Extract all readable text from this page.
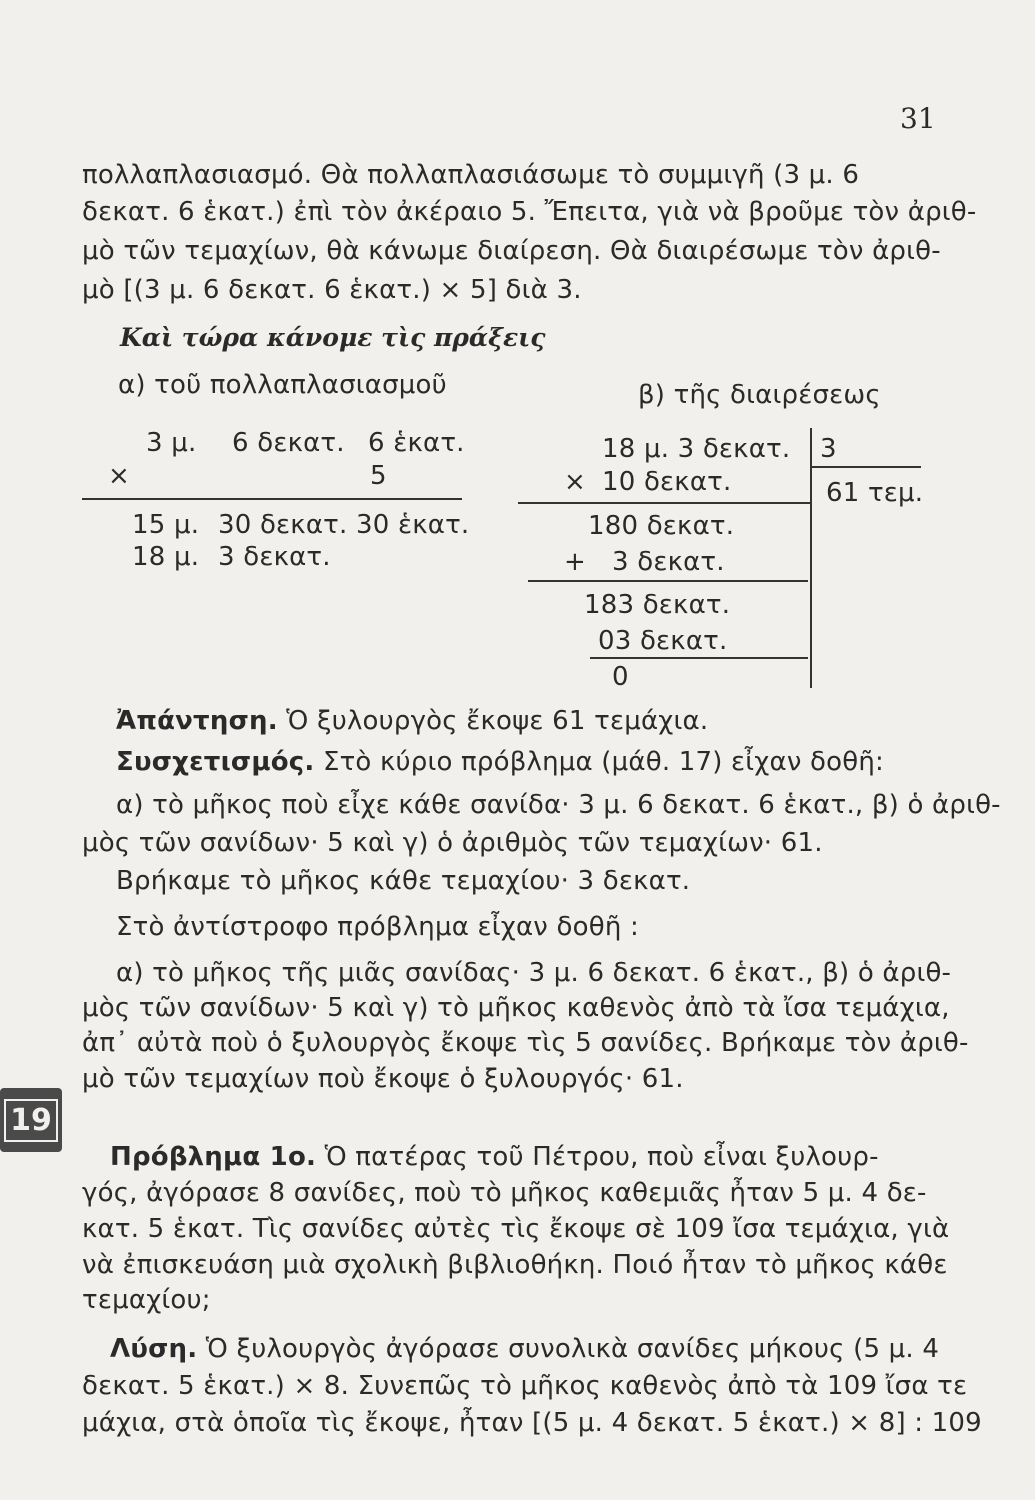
31
πολλαπλασιασμό. Θὰ πολλαπλασιάσωμε τὸ συμμιγῆ (3 μ. 6
δεκατ. 6 ἑκατ.) ἐπὶ τὸν ἀκέραιο 5. Ἔπειτα, γιὰ νὰ βροῦμε τὸν ἀριθ-
μὸ τῶν τεμαχίων, θὰ κάνωμε διαίρεση. Θὰ διαιρέσωμε τὸν ἀριθ-
μὸ [(3 μ. 6 δεκατ. 6 ἑκατ.) × 5] διὰ 3.
Καὶ τώρα κάνομε τὶς πράξεις
α) τοῦ πολλαπλασιασμοῦ
3 μ. 6 δεκατ. 6 ἑκατ.
×	5
15 μ. 30 δεκατ. 30 ἑκατ.
18 μ. 3 δεκατ.
β) τῆς διαιρέσεως
18 μ. 3 δεκατ. 3
× 10 δεκατ.	61 τεμ.
180 δεκατ.
+ 3 δεκατ.
183 δεκατ.
03 δεκατ.
0
Ἀπάντηση. Ὁ ξυλουργὸς ἔκοψε 61 τεμάχια.
Συσχετισμός. Στὸ κύριο πρόβλημα (μάθ. 17) εἶχαν δοθῆ:
α) τὸ μῆκος ποὺ εἶχε κάθε σανίδα· 3 μ. 6 δεκατ. 6 ἑκατ., β) ὁ ἀριθ-
μὸς τῶν σανίδων· 5 καὶ γ) ὁ ἀριθμὸς τῶν τεμαχίων· 61.
Βρήκαμε τὸ μῆκος κάθε τεμαχίου· 3 δεκατ.
Στὸ ἀντίστροφο πρόβλημα εἶχαν δοθῆ :
α) τὸ μῆκος τῆς μιᾶς σανίδας· 3 μ. 6 δεκατ. 6 ἑκατ., β) ὁ ἀριθ-
μὸς τῶν σανίδων· 5 καὶ γ) τὸ μῆκος καθενὸς ἀπὸ τὰ ἴσα τεμάχια,
ἀπ᾽ αὐτὰ ποὺ ὁ ξυλουργὸς ἔκοψε τὶς 5 σανίδες. Βρήκαμε τὸν ἀριθ-
μὸ τῶν τεμαχίων ποὺ ἔκοψε ὁ ξυλουργός· 61.
19
Πρόβλημα 1ο. Ὁ πατέρας τοῦ Πέτρου, ποὺ εἶναι ξυλουρ-
γός, ἀγόρασε 8 σανίδες, ποὺ τὸ μῆκος καθεμιᾶς ἦταν 5 μ. 4 δε-
κατ. 5 ἑκατ. Τὶς σανίδες αὐτὲς τὶς ἔκοψε σὲ 109 ἴσα τεμάχια, γιὰ
νὰ ἐπισκευάση μιὰ σχολικὴ βιβλιοθήκη. Ποιό ἦταν τὸ μῆκος κάθε
τεμαχίου;
Λύση. Ὁ ξυλουργὸς ἀγόρασε συνολικὰ σανίδες μήκους (5 μ. 4
δεκατ. 5 ἑκατ.) × 8. Συνεπῶς τὸ μῆκος καθενὸς ἀπὸ τὰ 109 ἴσα τε
μάχια, στὰ ὁποῖα τὶς ἔκοψε, ἦταν [(5 μ. 4 δεκατ. 5 ἑκατ.) × 8] : 109
